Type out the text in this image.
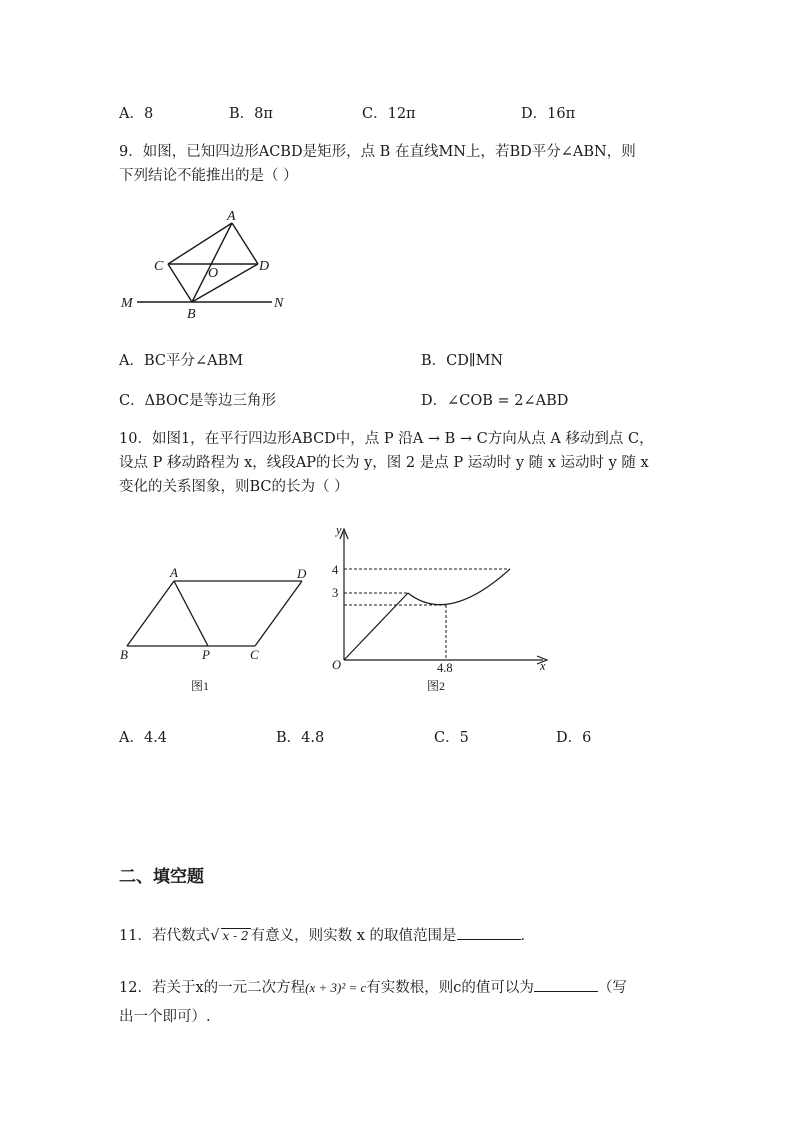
A．8	B．8π	C．12π	D．16π
9．如图，已知四边形ACBD是矩形，点 B 在直线MN上，若BD平分∠ABN，则
下列结论不能推出的是（ ）
A
C	O	D
M
B
N
A．BC平分∠ABM	B．CD∥MN
C．ΔBOC是等边三角形	D．∠COB = 2∠ABD
10．如图1，在平行四边形ABCD中，点 P 沿A → B → C方向从点 A 移动到点 C，
设点 P 移动路程为 x，线段AP的长为 y，图 2 是点 P 运动时 y 随 x 运动时 y 随 x
变化的关系图象，则BC的长为（ ）
A	D
B	P	C
图1
y
4
3
O	4.8	x
图2
A．4.4	B．4.8	C．5	D．6
二、填空题
11．若代数式√ x - 2 有意义，则实数 x 的取值范围是	．
12．若关于x的一元二次方程(x + 3)² = c有实数根，则c的值可以为	（写
出一个即可）.
